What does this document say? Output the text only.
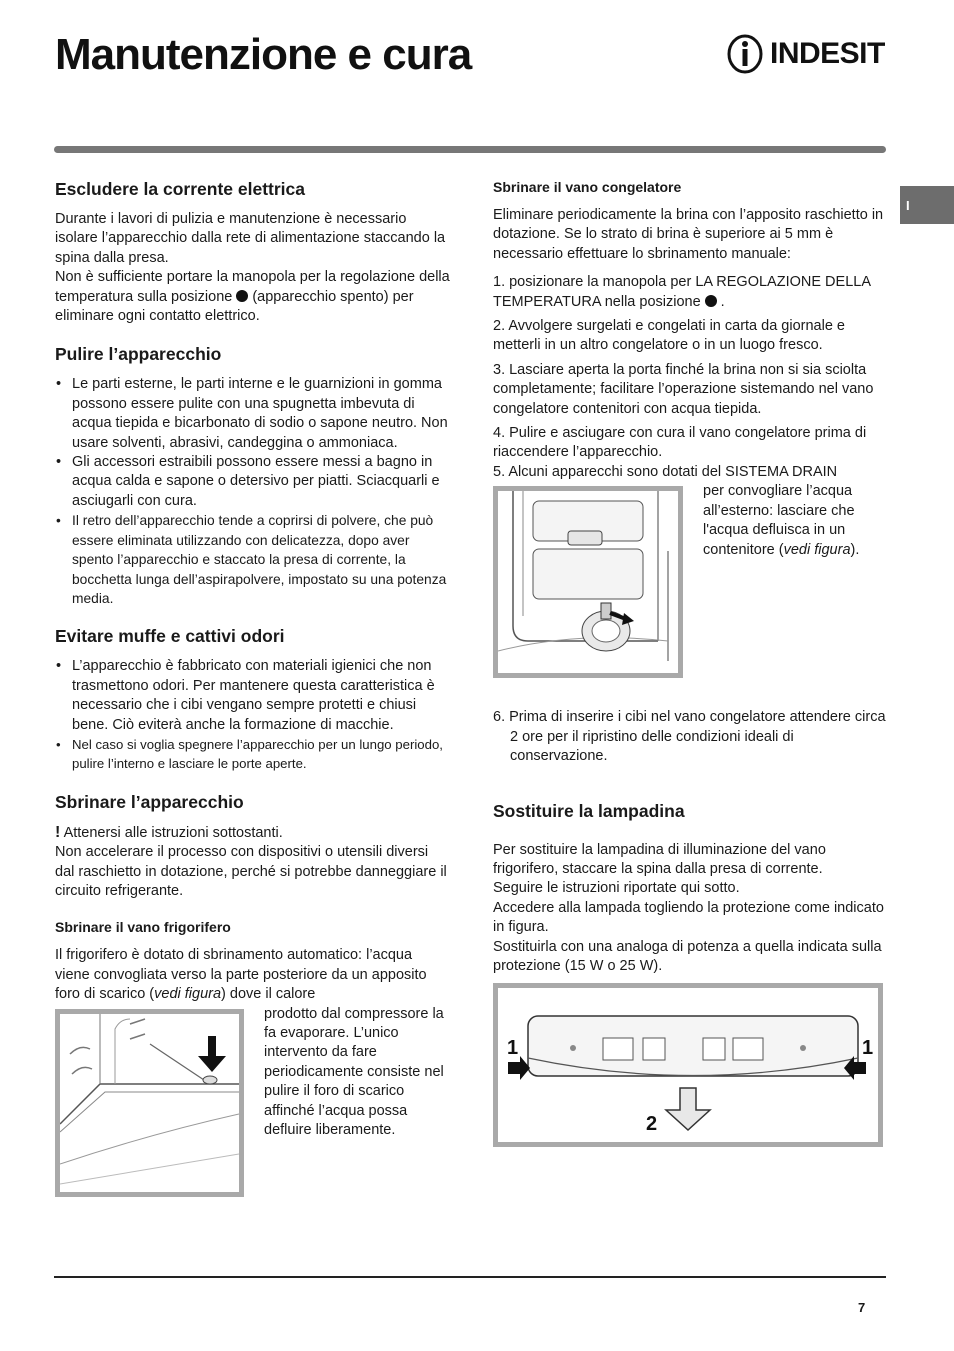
Manutenzione e cura	INDESIT
I
Escludere la corrente elettrica

Durante i lavori di pulizia e manutenzione è necessario isolare l’apparecchio dalla rete di alimentazione staccando la spina dalla presa.

Non è sufficiente portare la manopola per la regolazione della temperatura sulla posizione (apparecchio spento) per eliminare ogni contatto elettrico.

Pulire l’apparecchio
• Le parti esterne, le parti interne e le guarnizioni in gomma possono essere pulite con una spugnetta imbevuta di acqua tiepida e bicarbonato di sodio o sapone neutro. Non usare solventi, abrasivi, candeggina o ammoniaca.
• Gli accessori estraibili possono essere messi a bagno in acqua calda e sapone o detersivo per piatti. Sciacquarli e asciugarli con cura.
• Il retro dell’apparecchio tende a coprirsi di polvere, che può essere eliminata utilizzando con delicatezza, dopo aver spento l’apparecchio e staccato la presa di corrente, la bocchetta lunga dell’aspirapolvere, impostato su una potenza media.
Evitare muffe e cattivi odori
• L’apparecchio è fabbricato con materiali igienici che non trasmettono odori. Per mantenere questa caratteristica è necessario che i cibi vengano sempre protetti e chiusi bene. Ciò eviterà anche la formazione di macchie.
• Nel caso si voglia spegnere l’apparecchio per un lungo periodo, pulire l’interno e lasciare le porte aperte.
Sbrinare l’apparecchio

! Attenersi alle istruzioni sottostanti.

Non accelerare il processo con dispositivi o utensili diversi dal raschietto in dotazione, perché si potrebbe danneggiare il circuito refrigerante.

Sbrinare il vano frigorifero

Il frigorifero è dotato di sbrinamento automatico: l’acqua viene convogliata verso la parte posteriore da un apposito foro di scarico (vedi figura) dove il calore

prodotto dal compressore la fa evaporare. L’unico intervento da fare periodicamente consiste nel pulire il foro di scarico affinché l’acqua possa defluire liberamente.

Sbrinare il vano congelatore

Eliminare periodicamente la brina con l’apposito raschietto in dotazione. Se lo strato di brina è superiore ai 5 mm è necessario effettuare lo sbrinamento manuale:

1. posizionare la manopola per LA REGOLAZIONE DELLA TEMPERATURA nella posizione .

2. Avvolgere surgelati e congelati in carta da giornale e metterli in un altro congelatore o in un luogo fresco.

3. Lasciare aperta la porta finché la brina non si sia sciolta completamente; facilitare l’operazione sistemando nel vano congelatore contenitori con acqua tiepida.

4. Pulire e asciugare con cura il vano congelatore prima di riaccendere l’apparecchio.

5. Alcuni apparecchi sono dotati del SISTEMA DRAIN

per convogliare l’acqua all’esterno: lasciare che l'acqua defluisca in un contenitore (vedi figura).

6. Prima di inserire i cibi nel vano congelatore attendere circa 2 ore per il ripristino delle condizioni ideali di conservazione.

Sostituire la lampadina

Per sostituire la lampadina di illuminazione del vano frigorifero, staccare la spina dalla presa di corrente.

Seguire le istruzioni riportate qui sotto.

Accedere alla lampada togliendo la protezione come indicato in figura.

Sostituirla con una analoga di potenza a quella indicata sulla protezione (15 W o 25 W).

1	1
2
7
